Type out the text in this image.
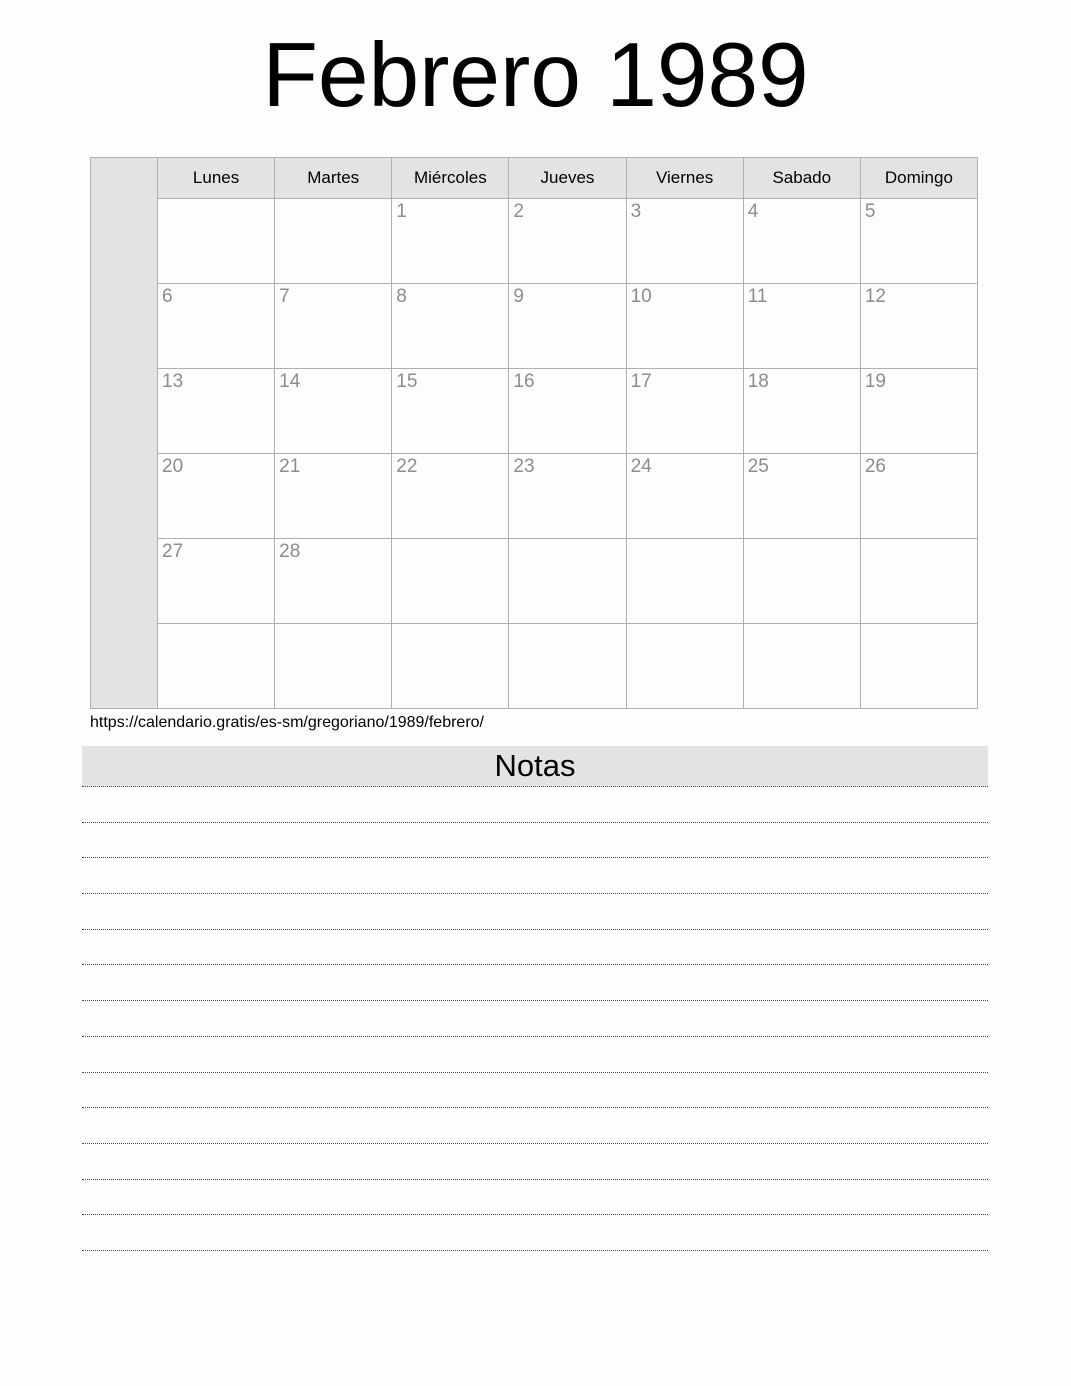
Febrero 1989
	Lunes	Martes	Miércoles	Jueves	Viernes	Sabado	Domingo
			1	2	3	4	5
	6	7	8	9	10	11	12
	13	14	15	16	17	18	19
	20	21	22	23	24	25	26
	27	28					

https://calendario.gratis/es-sm/gregoriano/1989/febrero/
Notas
